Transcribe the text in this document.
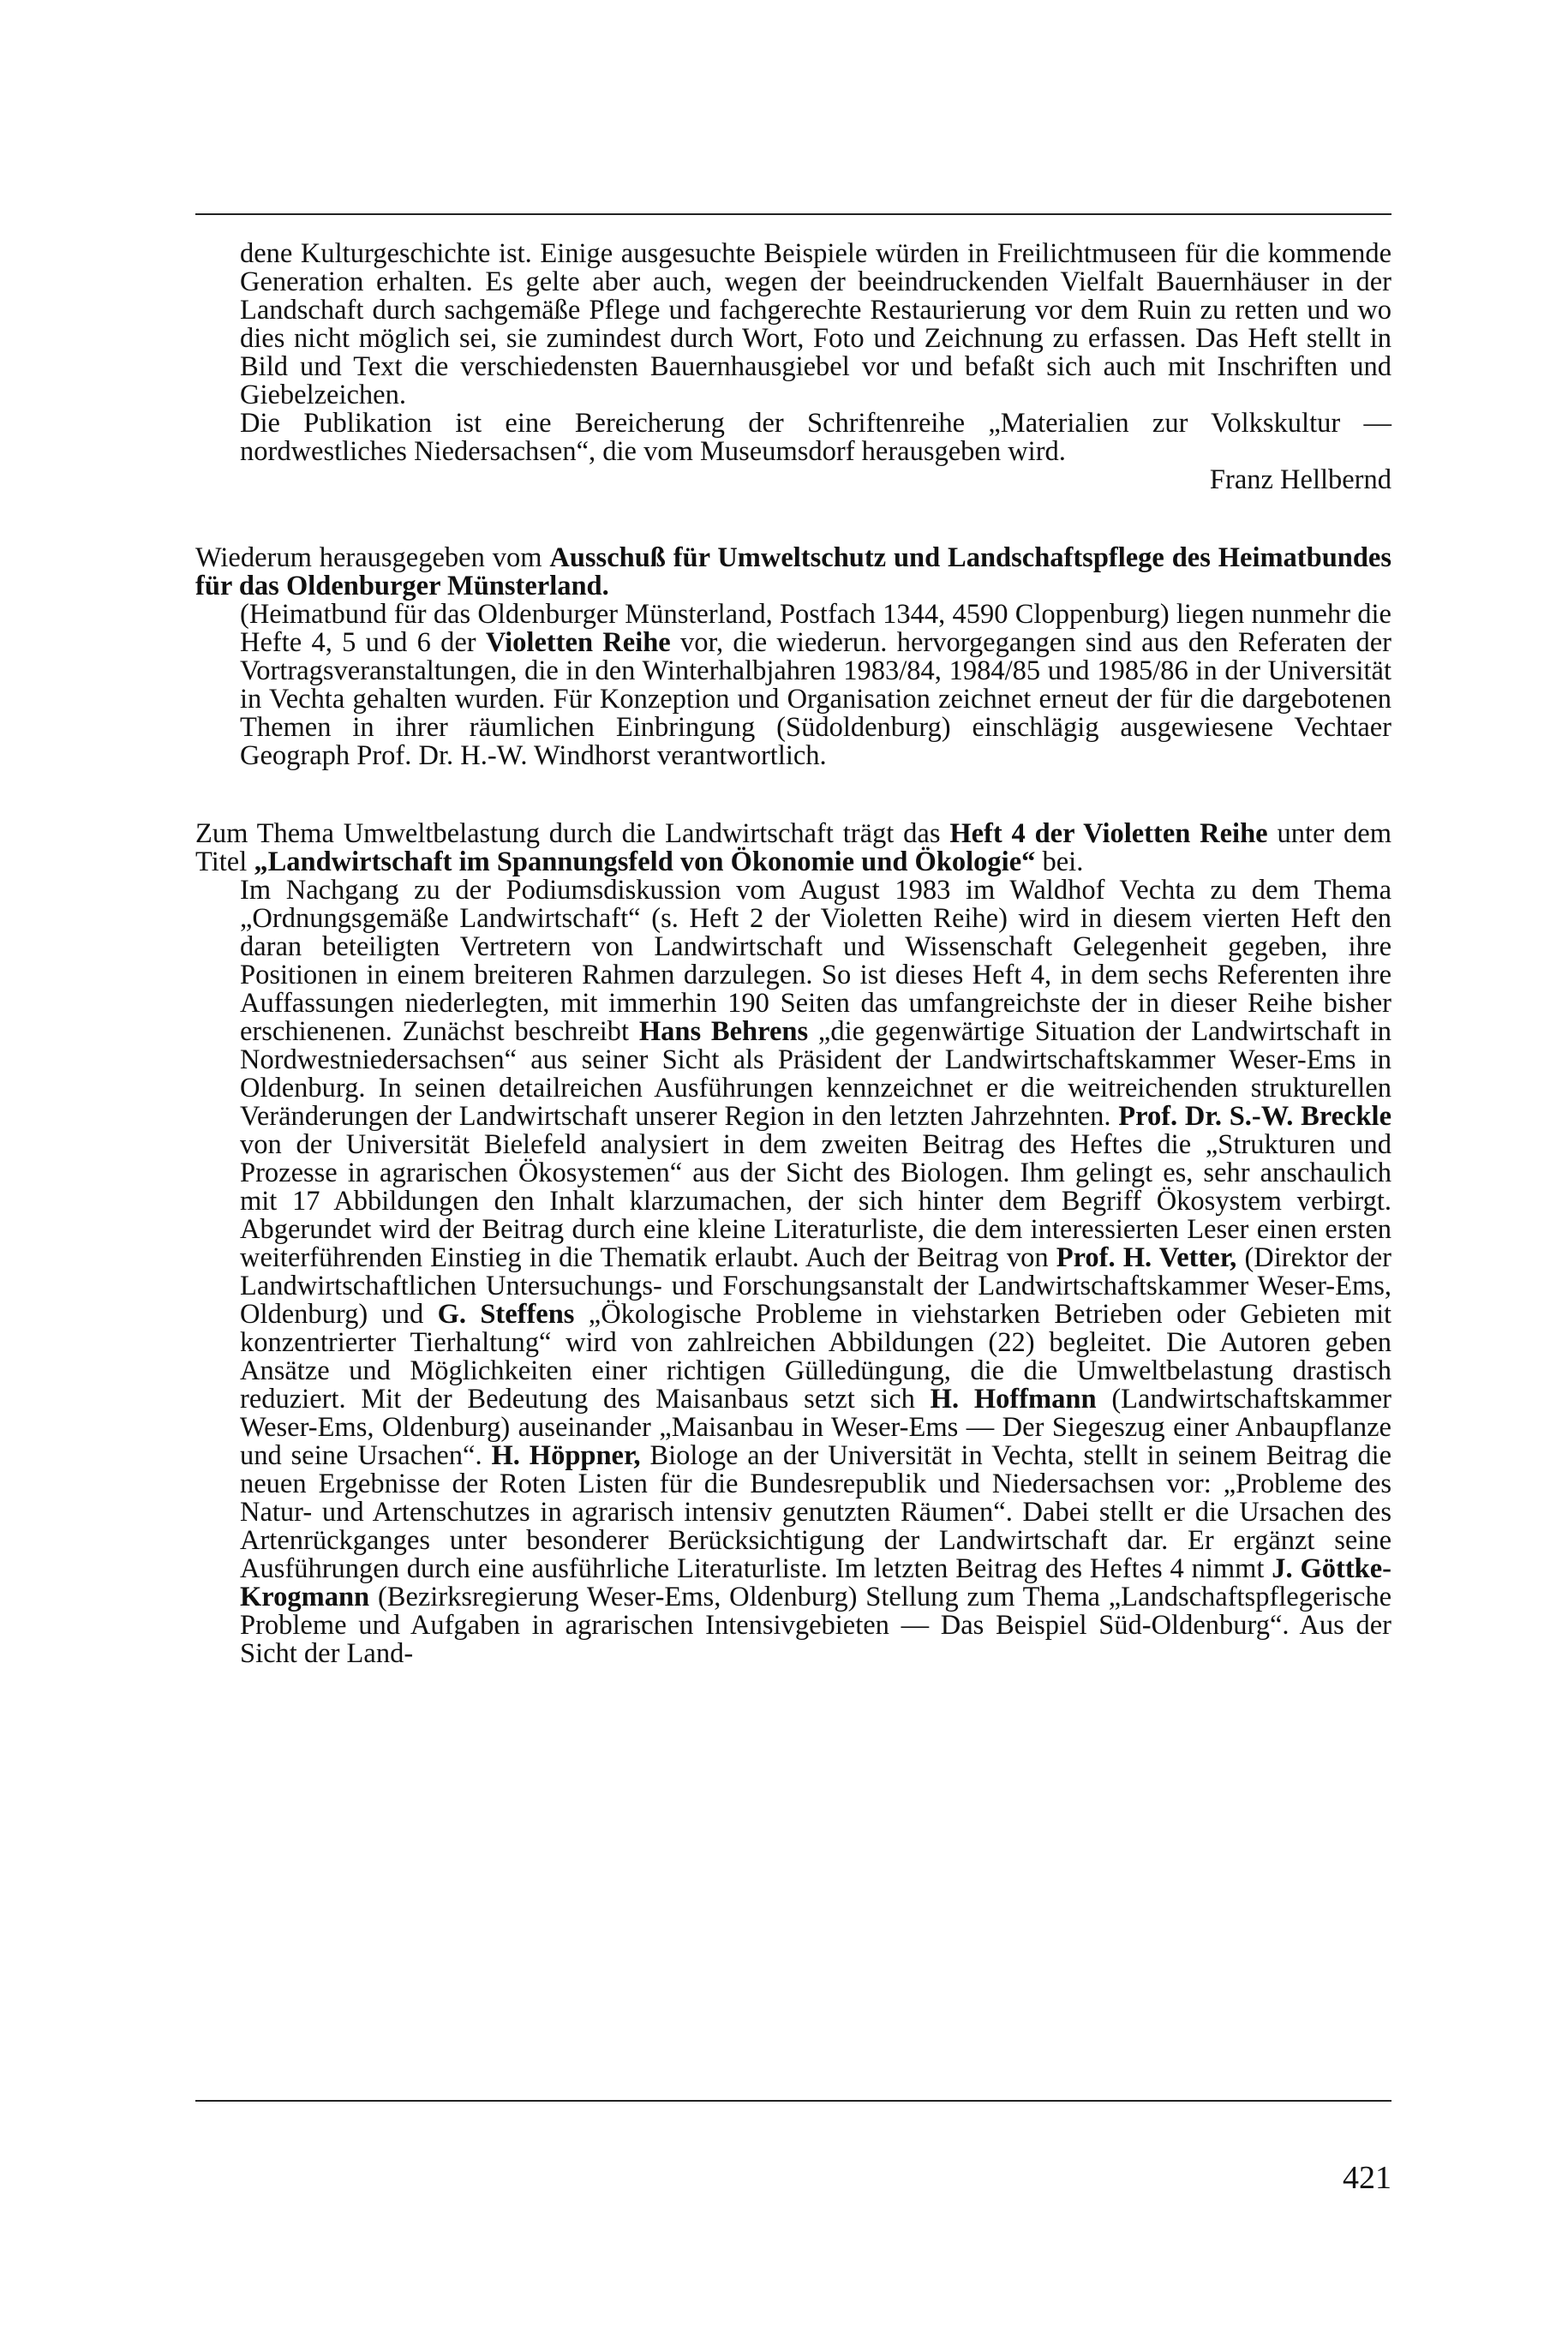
dene Kulturgeschichte ist. Einige ausgesuchte Beispiele würden in Freilichtmuseen für die kommende Generation erhalten. Es gelte aber auch, wegen der beeindruckenden Vielfalt Bauernhäuser in der Landschaft durch sachgemäße Pflege und fachgerechte Restaurierung vor dem Ruin zu retten und wo dies nicht möglich sei, sie zumindest durch Wort, Foto und Zeichnung zu erfassen. Das Heft stellt in Bild und Text die verschiedensten Bauernhausgiebel vor und befaßt sich auch mit Inschriften und Giebelzeichen.

Die Publikation ist eine Bereicherung der Schriftenreihe „Materialien zur Volkskultur — nordwestliches Niedersachsen“, die vom Museumsdorf herausgeben wird.

Franz Hellbernd

Wiederum herausgegeben vom Ausschuß für Umweltschutz und Landschaftspflege des Heimatbundes für das Oldenburger Münsterland.

(Heimatbund für das Oldenburger Münsterland, Postfach 1344, 4590 Cloppenburg) liegen nunmehr die Hefte 4, 5 und 6 der Violetten Reihe vor, die wiederun. hervorgegangen sind aus den Referaten der Vortragsveranstaltungen, die in den Winterhalbjahren 1983/84, 1984/85 und 1985/86 in der Universität in Vechta gehalten wurden. Für Konzeption und Organisation zeichnet erneut der für die dargebotenen Themen in ihrer räumlichen Einbringung (Südoldenburg) einschlägig ausgewiesene Vechtaer Geograph Prof. Dr. H.-W. Windhorst verantwortlich.

Zum Thema Umweltbelastung durch die Landwirtschaft trägt das Heft 4 der Violetten Reihe unter dem Titel „Landwirtschaft im Spannungsfeld von Ökonomie und Ökologie“ bei.

Im Nachgang zu der Podiumsdiskussion vom August 1983 im Waldhof Vechta zu dem Thema „Ordnungsgemäße Landwirtschaft“ (s. Heft 2 der Violetten Reihe) wird in diesem vierten Heft den daran beteiligten Vertretern von Landwirtschaft und Wissenschaft Gelegenheit gegeben, ihre Positionen in einem breiteren Rahmen darzulegen. So ist dieses Heft 4, in dem sechs Referenten ihre Auffassungen niederlegten, mit immerhin 190 Seiten das umfangreichste der in dieser Reihe bisher erschienenen. Zunächst beschreibt Hans Behrens „die gegenwärtige Situation der Landwirtschaft in Nordwestniedersachsen“ aus seiner Sicht als Präsident der Landwirtschaftskammer Weser-Ems in Oldenburg. In seinen detailreichen Ausführungen kennzeichnet er die weitreichenden strukturellen Veränderungen der Landwirtschaft unserer Region in den letzten Jahrzehnten. Prof. Dr. S.-W. Breckle von der Universität Bielefeld analysiert in dem zweiten Beitrag des Heftes die „Strukturen und Prozesse in agrarischen Ökosystemen“ aus der Sicht des Biologen. Ihm gelingt es, sehr anschaulich mit 17 Abbildungen den Inhalt klarzumachen, der sich hinter dem Begriff Ökosystem verbirgt. Abgerundet wird der Beitrag durch eine kleine Literaturliste, die dem interessierten Leser einen ersten weiterführenden Einstieg in die Thematik erlaubt. Auch der Beitrag von Prof. H. Vetter, (Direktor der Landwirtschaftlichen Untersuchungs- und Forschungsanstalt der Landwirtschaftskammer Weser-Ems, Oldenburg) und G. Steffens „Ökologische Probleme in viehstarken Betrieben oder Gebieten mit konzentrierter Tierhaltung“ wird von zahlreichen Abbildungen (22) begleitet. Die Autoren geben Ansätze und Möglichkeiten einer richtigen Gülledüngung, die die Umweltbelastung drastisch reduziert. Mit der Bedeutung des Maisanbaus setzt sich H. Hoffmann (Landwirtschaftskammer Weser-Ems, Oldenburg) auseinander „Maisanbau in Weser-Ems — Der Siegeszug einer Anbaupflanze und seine Ursachen“. H. Höppner, Biologe an der Universität in Vechta, stellt in seinem Beitrag die neuen Ergebnisse der Roten Listen für die Bundesrepublik und Niedersachsen vor: „Probleme des Natur- und Artenschutzes in agrarisch intensiv genutzten Räumen“. Dabei stellt er die Ursachen des Artenrückganges unter besonderer Berücksichtigung der Landwirtschaft dar. Er ergänzt seine Ausführungen durch eine ausführliche Literaturliste. Im letzten Beitrag des Heftes 4 nimmt J. Göttke-Krogmann (Bezirksregierung Weser-Ems, Oldenburg) Stellung zum Thema „Landschaftspflegerische Probleme und Aufgaben in agrarischen Intensivgebieten — Das Beispiel Süd-Oldenburg“. Aus der Sicht der Land-

421
